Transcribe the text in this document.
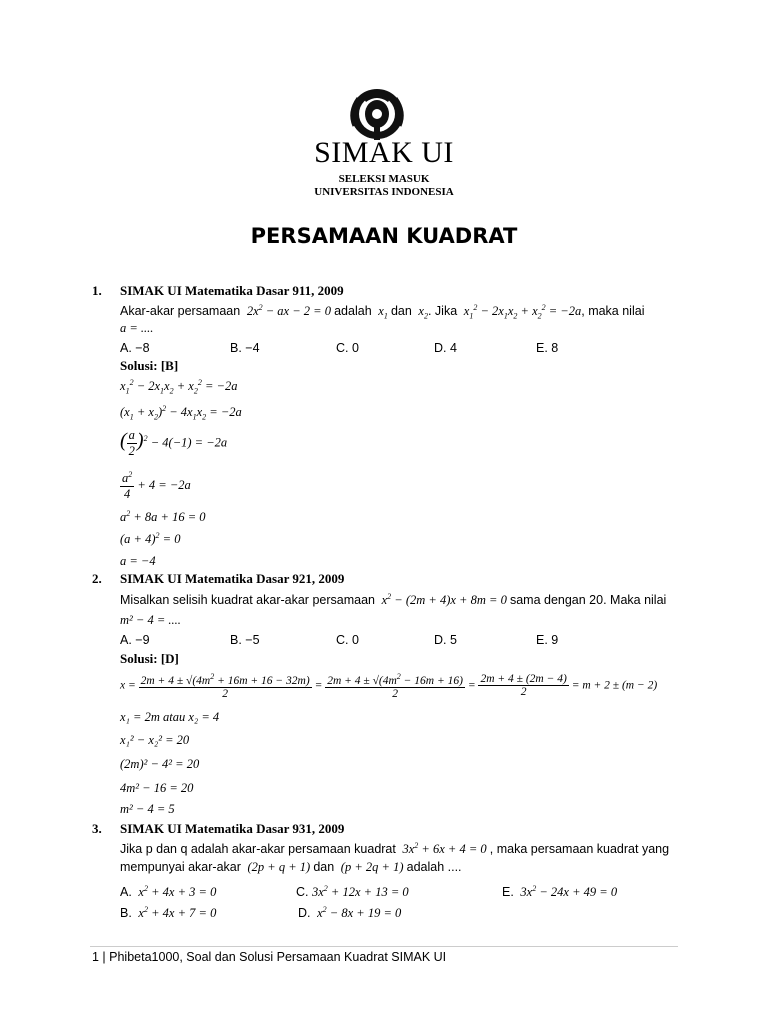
SIMAK UI
SELEKSI MASUK
UNIVERSITAS INDONESIA
PERSAMAAN KUADRAT
1. SIMAK UI Matematika Dasar 911, 2009
Akar-akar persamaan  $2x^2$ − ax − 2 = 0 adalah  $x_1$ dan  $x_2$. Jika  $x_1^2 - 2x_1x_2 + x_2^2 = -2a$, maka nilai
a = ....
A. −8	B. −4	C. 0	D. 4	E. 8
Solusi: [B]
$x_1^2 - 2x_1x_2 + x_2^2 = -2a$
$(x_1 + x_2)^2 - 4x_1x_2 = -2a$
( $\frac{a}{2} )^2 - 4(-1) = -2a$
$\frac{a^2}{4} + 4 = -2a$
$a^2 + 8a + 16 = 0$
$(a + 4)^2 = 0$
a = −4
2. SIMAK UI Matematika Dasar 921, 2009
Misalkan selisih kuadrat akar-akar persamaan  $x^2 - (2m + 4)x + 8m = 0$ sama dengan 20. Maka nilai
m² − 4 = ....
A. −9	B. −5	C. 0	D. 5	E. 9
Solusi: [D]
$x = \frac{2m + 4 \pm √(4m^2 + 16m + 16 - 32m)}{2} = \frac{2m + 4 \pm √(4m^2 - 16m + 16)}{2} = \frac{2m + 4 \pm (2m - 4)}{2} = m + 2 \pm (m - 2)$
x₁ = 2m atau x₂ = 4
x₁² − x₂² = 20
(2m)² − 4² = 20
4m² − 16 = 20
m² − 4 = 5
3. SIMAK UI Matematika Dasar 931, 2009
Jika p dan q adalah akar-akar persamaan kuadrat  $3x^2 + 6x + 4 = 0$ , maka persamaan kuadrat yang
mempunyai akar-akar  (2p + q + 1) dan  (p + 2q + 1) adalah ....
A.  $x^2 + 4x + 3 = 0$	C. $3x^2 + 12x + 13 = 0$	E.  $3x^2 - 24x + 49 = 0$
B.  $x^2 + 4x + 7 = 0$	D.  $x^2 - 8x + 19 = 0$
1 | Phibeta1000, Soal dan Solusi Persamaan Kuadrat SIMAK UI
